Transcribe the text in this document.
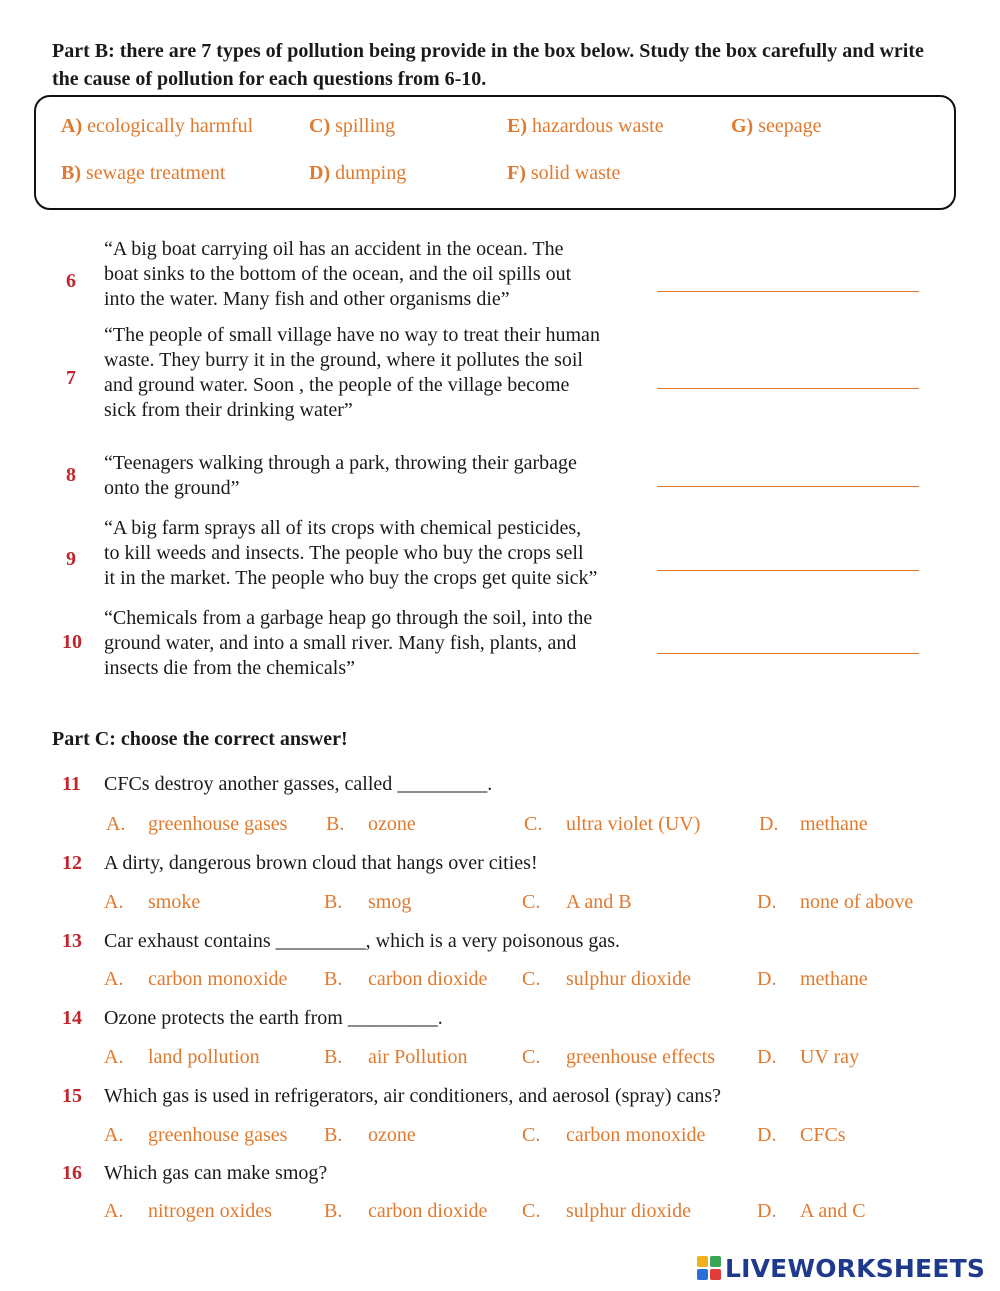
Part B: there are 7 types of pollution being provide in the box below. Study the box carefully and write the cause of pollution for each questions from 6-10.
A) ecologically harmful	C) spilling	E) hazardous waste	G) seepage
B) sewage treatment	D) dumping	F) solid waste
6
“A big boat carrying oil has an accident in the ocean. The
boat sinks to the bottom of the ocean, and the oil spills out
into the water. Many fish and other organisms die”
7
“The people of small village have no way to treat their human
waste. They burry it in the ground, where it pollutes the soil
and ground water. Soon , the people of the village become
sick from their drinking water”
8
“Teenagers walking through a park, throwing their garbage
onto the ground”
9
“A big farm sprays all of its crops with chemical pesticides,
to kill weeds and insects. The people who buy the crops sell
it in the market. The people who buy the crops get quite sick”
10
“Chemicals from a garbage heap go through the soil, into the
ground water, and into a small river. Many fish, plants, and
insects die from the chemicals”
Part C: choose the correct answer!
11 CFCs destroy another gasses, called _________.
A. greenhouse gases B. ozone	C. ultra violet (UV)	D. methane
12 A dirty, dangerous brown cloud that hangs over cities!
A. smoke	B. smog	C. A and B	D. none of above
13 Car exhaust contains _________, which is a very poisonous gas.
A. carbon monoxide B. carbon dioxide C. sulphur dioxide	D. methane
14 Ozone protects the earth from _________.
A. land pollution	B. air Pollution	C. greenhouse effects D. UV ray
15 Which gas is used in refrigerators, air conditioners, and aerosol (spray) cans?
A. greenhouse gases B. ozone	C. carbon monoxide	D. CFCs
16 Which gas can make smog?
A. nitrogen oxides	B. carbon dioxide C. sulphur dioxide	D. A and C
LIVEWORKSHEETS
